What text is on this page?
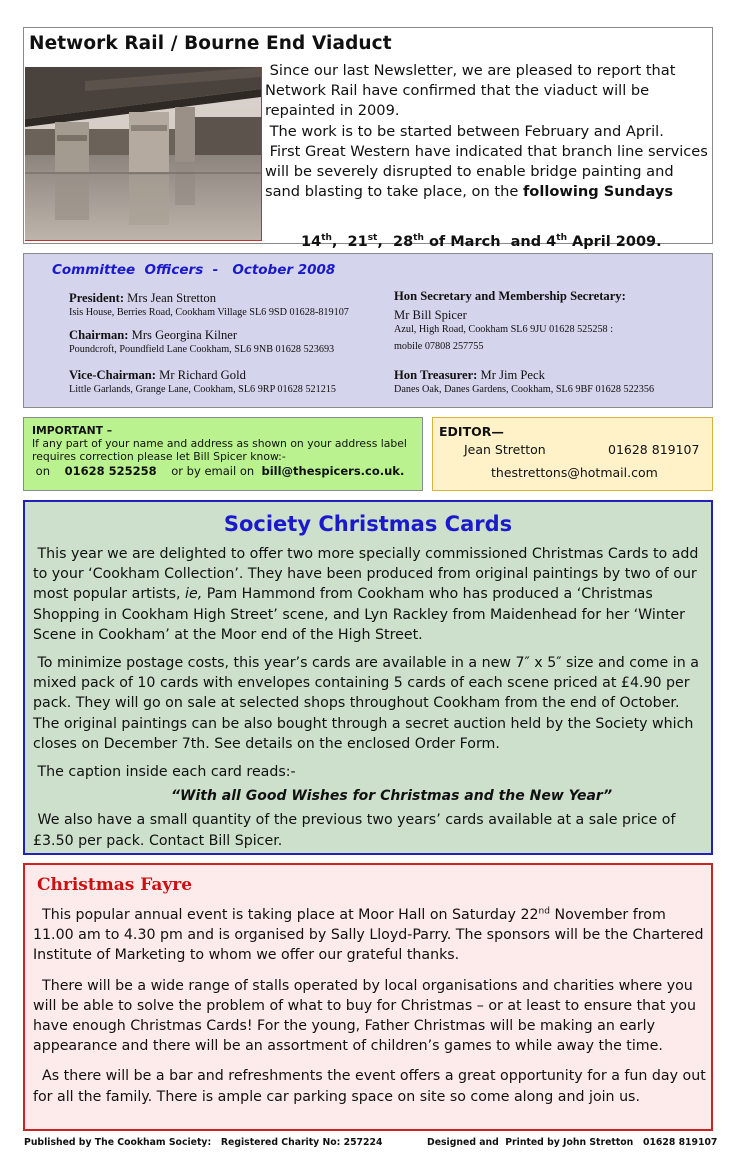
Network Rail / Bourne End Viaduct

Since our last Newsletter, we are pleased to report that Network Rail have confirmed that the viaduct will be repainted in 2009.

The work is to be started between February and April.

First Great Western have indicated that branch line services will be severely disrupted to enable bridge painting and sand blasting to take place, on the following Sundays

14th,  21st,  28th of March  and 4th April 2009.
Committee  Officers  -   October 2008
President: Mrs Jean Stretton
Isis House, Berries Road, Cookham Village SL6 9SD 01628-819107
Chairman: Mrs Georgina Kilner
Poundcroft, Poundfield Lane Cookham, SL6 9NB 01628 523693
Vice-Chairman: Mr Richard Gold
Little Garlands, Grange Lane, Cookham, SL6 9RP 01628 521215
Hon Secretary and Membership Secretary:
Mr Bill Spicer
Azul, High Road, Cookham SL6 9JU 01628 525258 :
mobile 07808 257755
Hon Treasurer: Mr Jim Peck
Danes Oak, Danes Gardens, Cookham, SL6 9BF 01628 522356
IMPORTANT –
If any part of your name and address as shown on your address label requires correction please let Bill Spicer know:-
on 01628 525258 or by email on bill@thespicers.co.uk.
EDITOR—
Jean Stretton	01628 819107
thestrettons@hotmail.com
Society Christmas Cards

This year we are delighted to offer two more specially commissioned Christmas Cards to add to your ‘Cookham Collection’. They have been produced from original paintings by two of our most popular artists, ie, Pam Hammond from Cookham who has produced a ‘Christmas Shopping in Cookham High Street’ scene, and Lyn Rackley from Maidenhead for her ‘Winter Scene in Cookham’ at the Moor end of the High Street.

To minimize postage costs, this year’s cards are available in a new 7″ x 5″ size and come in a mixed pack of 10 cards with envelopes containing 5 cards of each scene priced at £4.90 per pack. They will go on sale at selected shops throughout Cookham from the end of October. The original paintings can be also bought through a secret auction held by the Society which closes on December 7th. See details on the enclosed Order Form.

The caption inside each card reads:-

“With all Good Wishes for Christmas and the New Year”

We also have a small quantity of the previous two years’ cards available at a sale price of £3.50 per pack. Contact Bill Spicer.

Christmas Fayre

This popular annual event is taking place at Moor Hall on Saturday 22nd November from 11.00 am to 4.30 pm and is organised by Sally Lloyd-Parry. The sponsors will be the Chartered Institute of Marketing to whom we offer our grateful thanks.

There will be a wide range of stalls operated by local organisations and charities where you will be able to solve the problem of what to buy for Christmas – or at least to ensure that you have enough Christmas Cards! For the young, Father Christmas will be making an early appearance and there will be an assortment of children’s games to while away the time.

As there will be a bar and refreshments the event offers a great opportunity for a fun day out for all the family. There is ample car parking space on site so come along and join us.

Published by The Cookham Society:   Registered Charity No: 257224	Designed and  Printed by John Stretton   01628 819107
